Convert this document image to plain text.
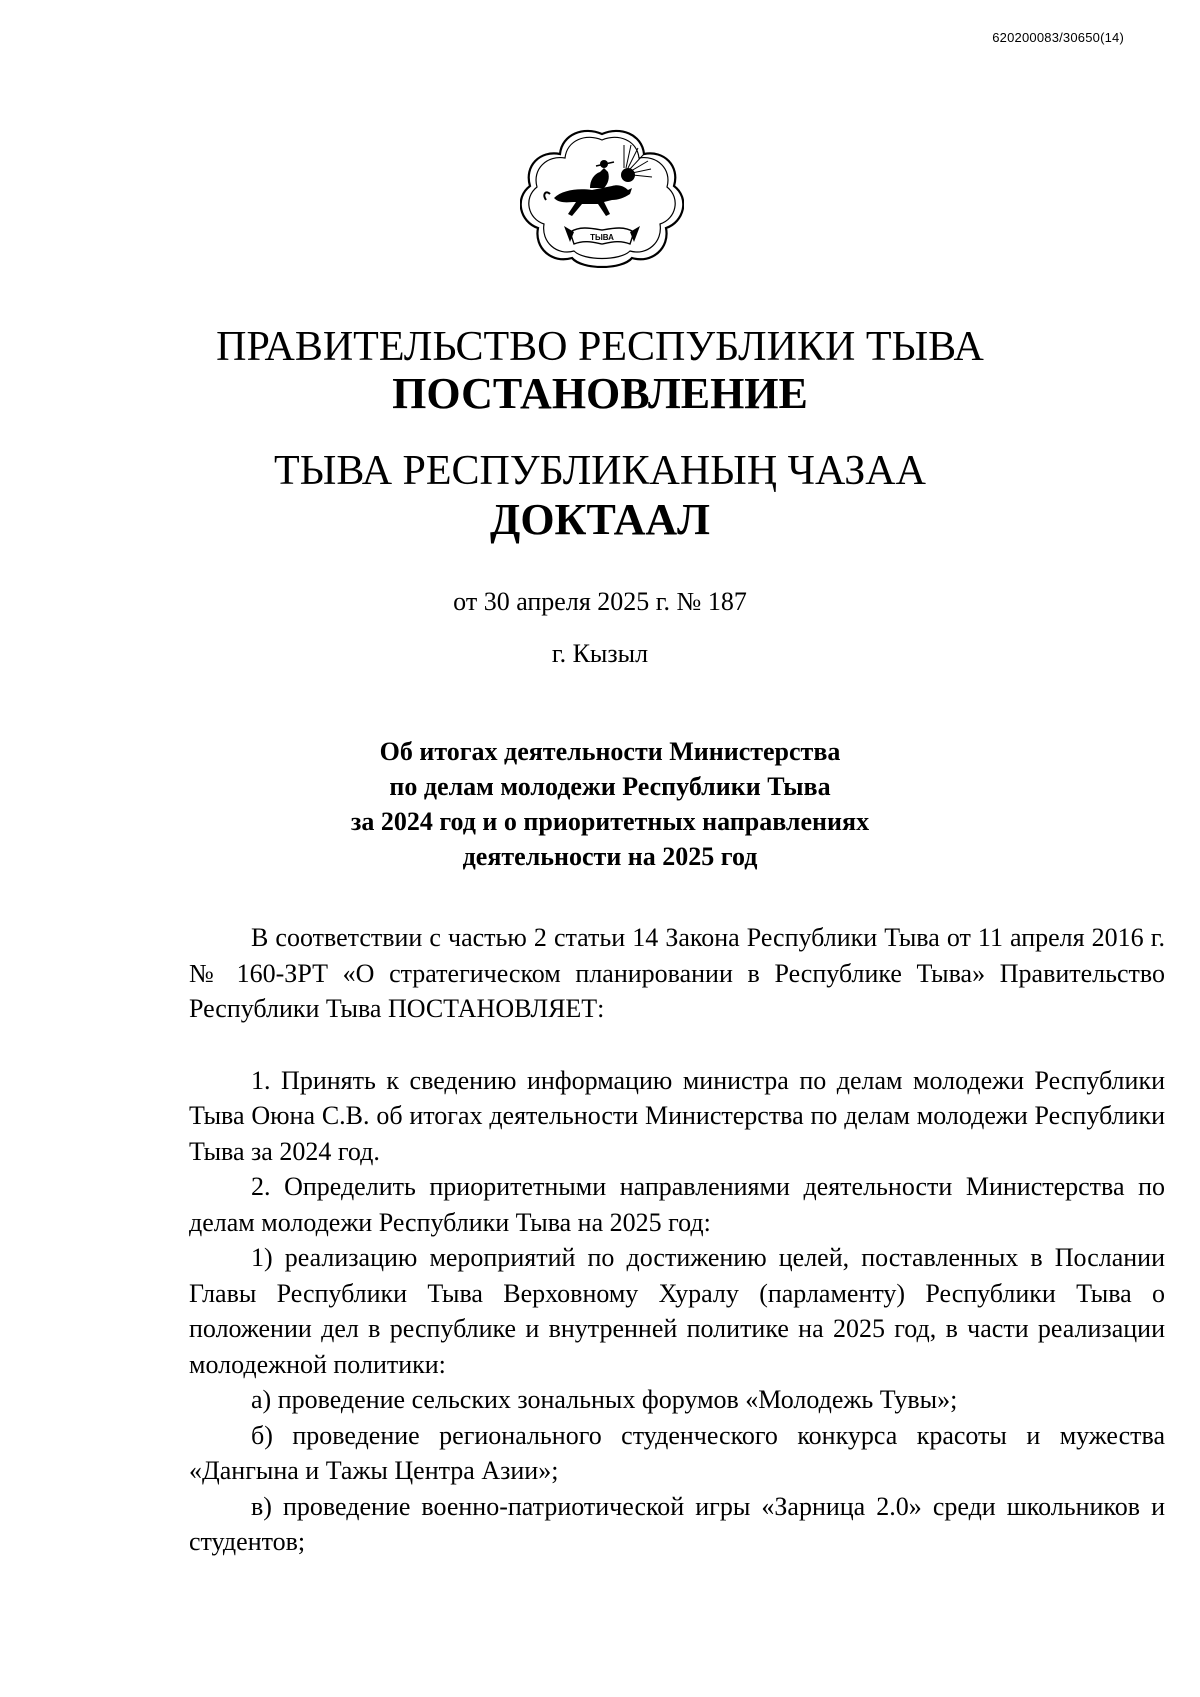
620200083/30650(14)
ТЫВА
ПРАВИТЕЛЬСТВО РЕСПУБЛИКИ ТЫВА
ПОСТАНОВЛЕНИЕ
ТЫВА РЕСПУБЛИКАНЫҢ ЧАЗАА
ДОКТААЛ
от 30 апреля 2025 г. № 187
г. Кызыл
Об итогах деятельности Министерства
по делам молодежи Республики Тыва
за 2024 год и о приоритетных направлениях
деятельности на 2025 год

В соответствии с частью 2 статьи 14 Закона Республики Тыва от 11 апреля 2016 г. № 160-ЗРТ «О стратегическом планировании в Республике Тыва» Правительство Республики Тыва ПОСТАНОВЛЯЕТ:

1. Принять к сведению информацию министра по делам молодежи Республики Тыва Оюна С.В. об итогах деятельности Министерства по делам молодежи Республики Тыва за 2024 год.

2. Определить приоритетными направлениями деятельности Министерства по делам молодежи Республики Тыва на 2025 год:

1) реализацию мероприятий по достижению целей, поставленных в Послании Главы Республики Тыва Верховному Хуралу (парламенту) Республики Тыва о положении дел в республике и внутренней политике на 2025 год, в части реализации молодежной политики:

а) проведение сельских зональных форумов «Молодежь Тувы»;

б) проведение регионального студенческого конкурса красоты и мужества «Дангына и Тажы Центра Азии»;

в) проведение военно-патриотической игры «Зарница 2.0» среди школьников и студентов;
